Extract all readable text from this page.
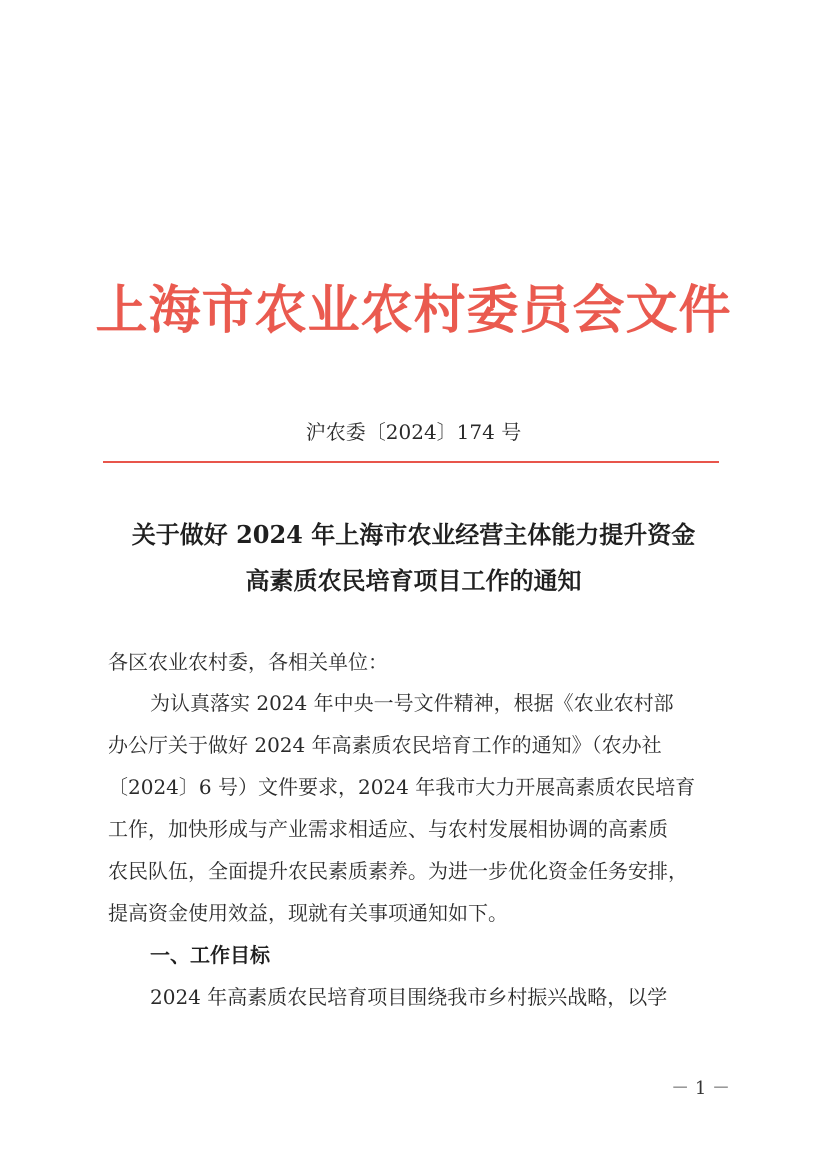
上海市农业农村委员会文件
沪农委〔2024〕174 号
关于做好 2024 年上海市农业经营主体能力提升资金
高素质农民培育项目工作的通知
各区农业农村委，各相关单位：
为认真落实 2024 年中央一号文件精神，根据《农业农村部
办公厅关于做好 2024 年高素质农民培育工作的通知》（农办社
〔2024〕6 号）文件要求，2024 年我市大力开展高素质农民培育
工作，加快形成与产业需求相适应、与农村发展相协调的高素质
农民队伍，全面提升农民素质素养。为进一步优化资金任务安排，
提高资金使用效益，现就有关事项通知如下。
一、工作目标
2024 年高素质农民培育项目围绕我市乡村振兴战略，以学
－ 1 －
